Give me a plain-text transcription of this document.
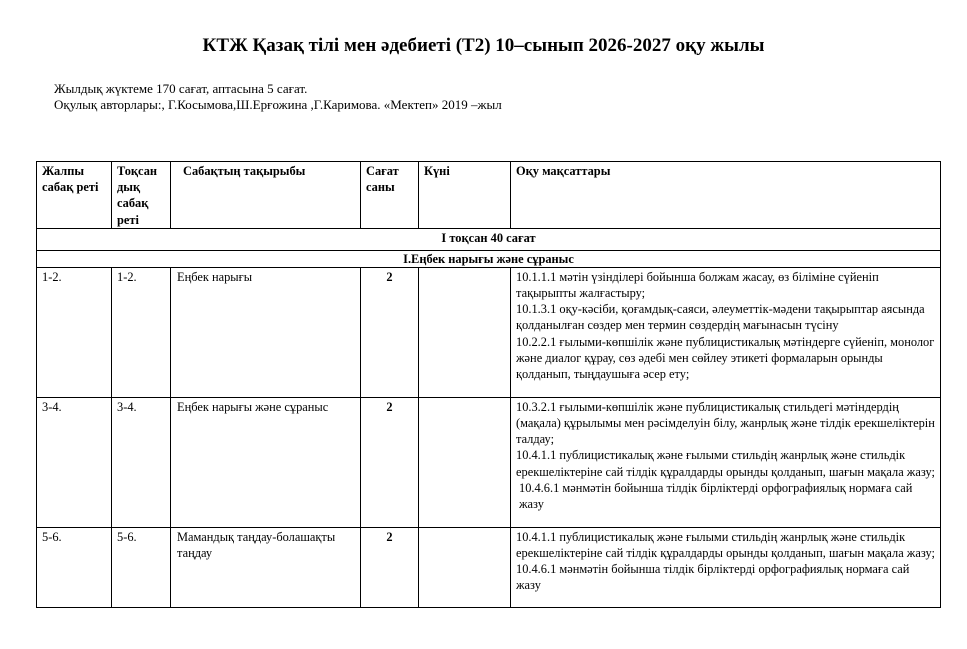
КТЖ Қазақ тілі мен әдебиеті (Т2) 10–сынып 2026-2027 оқу жылы
Жылдық жүктеме 170 сағат, аптасына 5 сағат.
Оқулық авторлары:, Г.Косымова,Ш.Ерғожина ,Г.Каримова. «Мектеп» 2019 –жыл
Жалпы сабақ реті	Тоқсан дық сабақ реті	Сабақтың тақырыбы	Сағат саны	Күні	Оқу мақсаттары
I тоқсан 40 сағат					
I.Еңбек нарығы және сұраныс					
1-2.	1-2.	Еңбек нарығы	2		10.1.1.1 мәтін үзінділері бойынша болжам жасау, өз біліміне сүйеніп тақырыпты жалғастыру;
10.1.3.1 оқу-кәсіби, қоғамдық-саяси, әлеуметтік-мәдени тақырыптар аясында қолданылған сөздер мен термин сөздердің мағынасын түсіну
10.2.2.1 ғылыми-көпшілік және публицистикалық мәтіндерге сүйеніп, монолог және диалог құрау, сөз әдебі мен сөйлеу этикеті формаларын орынды қолданып, тыңдаушыға әсер ету;

3-4.	3-4.	Еңбек нарығы және сұраныс	2		10.3.2.1 ғылыми-көпшілік және публицистикалық стильдегі мәтіндердің (мақала) құрылымы мен рәсімделуін білу, жанрлық және тілдік ерекшеліктерін талдау;
10.4.1.1 публицистикалық және ғылыми стильдің жанрлық және стильдік ерекшеліктеріне сай тілдік құралдарды орынды қолданып, шағын мақала жазу;
10.4.6.1 мәнмәтін бойынша тілдік бірліктерді орфографиялық нормаға сай жазу

5-6.	5-6.	Мамандық таңдау-болашақты таңдау	2		10.4.1.1 публицистикалық және ғылыми стильдің жанрлық және стильдік ерекшеліктеріне сай тілдік құралдарды орынды қолданып, шағын мақала жазу;
10.4.6.1 мәнмәтін бойынша тілдік бірліктерді орфографиялық нормаға сай жазу
